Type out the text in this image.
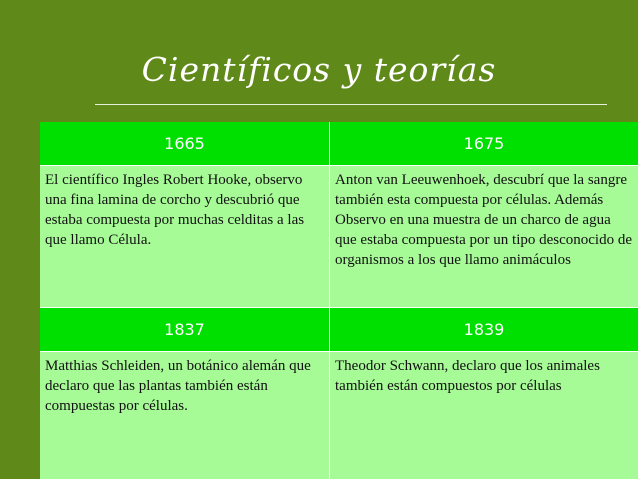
Científicos y teorías
1665	1675
El científico Ingles Robert Hooke, observo una fina lamina de corcho y descubrió que estaba compuesta por muchas celditas a las que llamo Célula.
Anton van Leeuwenhoek, descubrí que la sangre también esta compuesta por células. Además Observo en una muestra de un charco de agua que estaba compuesta por un tipo desconocido de organismos a los que llamo animáculos
1837	1839
Matthias Schleiden, un botánico alemán que declaro que las plantas también están compuestas por células.
Theodor Schwann, declaro que los animales también están compuestos por células
